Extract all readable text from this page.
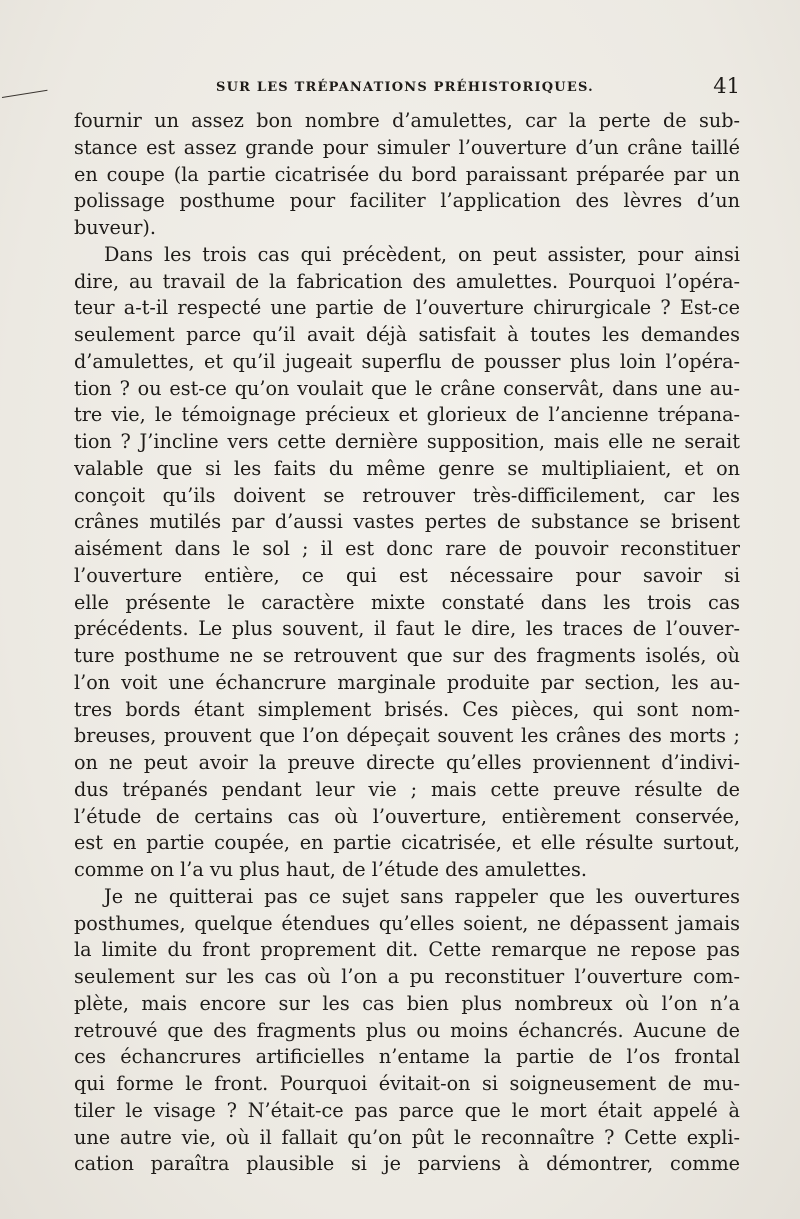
SUR LES TRÉPANATIONS PRÉHISTORIQUES.	41
fournir un assez bon nombre d’amulettes, car la perte de sub-
stance est assez grande pour simuler l’ouverture d’un crâne taillé
en coupe (la partie cicatrisée du bord paraissant préparée par un
polissage posthume pour faciliter l’application des lèvres d’un
buveur).
Dans les trois cas qui précèdent, on peut assister, pour ainsi
dire, au travail de la fabrication des amulettes. Pourquoi l’opéra-
teur a-t-il respecté une partie de l’ouverture chirurgicale ? Est-ce
seulement parce qu’il avait déjà satisfait à toutes les demandes
d’amulettes, et qu’il jugeait superflu de pousser plus loin l’opéra-
tion ? ou est-ce qu’on voulait que le crâne conservât, dans une au-
tre vie, le témoignage précieux et glorieux de l’ancienne trépana-
tion ? J’incline vers cette dernière supposition, mais elle ne serait
valable que si les faits du même genre se multipliaient, et on
conçoit qu’ils doivent se retrouver très-difficilement, car les
crânes mutilés par d’aussi vastes pertes de substance se brisent
aisément dans le sol ; il est donc rare de pouvoir reconstituer
l’ouverture entière, ce qui est nécessaire pour savoir si
elle présente le caractère mixte constaté dans les trois cas
précédents. Le plus souvent, il faut le dire, les traces de l’ouver-
ture posthume ne se retrouvent que sur des fragments isolés, où
l’on voit une échancrure marginale produite par section, les au-
tres bords étant simplement brisés. Ces pièces, qui sont nom-
breuses, prouvent que l’on dépeçait souvent les crânes des morts ;
on ne peut avoir la preuve directe qu’elles proviennent d’indivi-
dus trépanés pendant leur vie ; mais cette preuve résulte de
l’étude de certains cas où l’ouverture, entièrement conservée,
est en partie coupée, en partie cicatrisée, et elle résulte surtout,
comme on l’a vu plus haut, de l’étude des amulettes.
Je ne quitterai pas ce sujet sans rappeler que les ouvertures
posthumes, quelque étendues qu’elles soient, ne dépassent jamais
la limite du front proprement dit. Cette remarque ne repose pas
seulement sur les cas où l’on a pu reconstituer l’ouverture com-
plète, mais encore sur les cas bien plus nombreux où l’on n’a
retrouvé que des fragments plus ou moins échancrés. Aucune de
ces échancrures artificielles n’entame la partie de l’os frontal
qui forme le front. Pourquoi évitait-on si soigneusement de mu-
tiler le visage ? N’était-ce pas parce que le mort était appelé à
une autre vie, où il fallait qu’on pût le reconnaître ? Cette expli-
cation paraîtra plausible si je parviens à démontrer, comme
